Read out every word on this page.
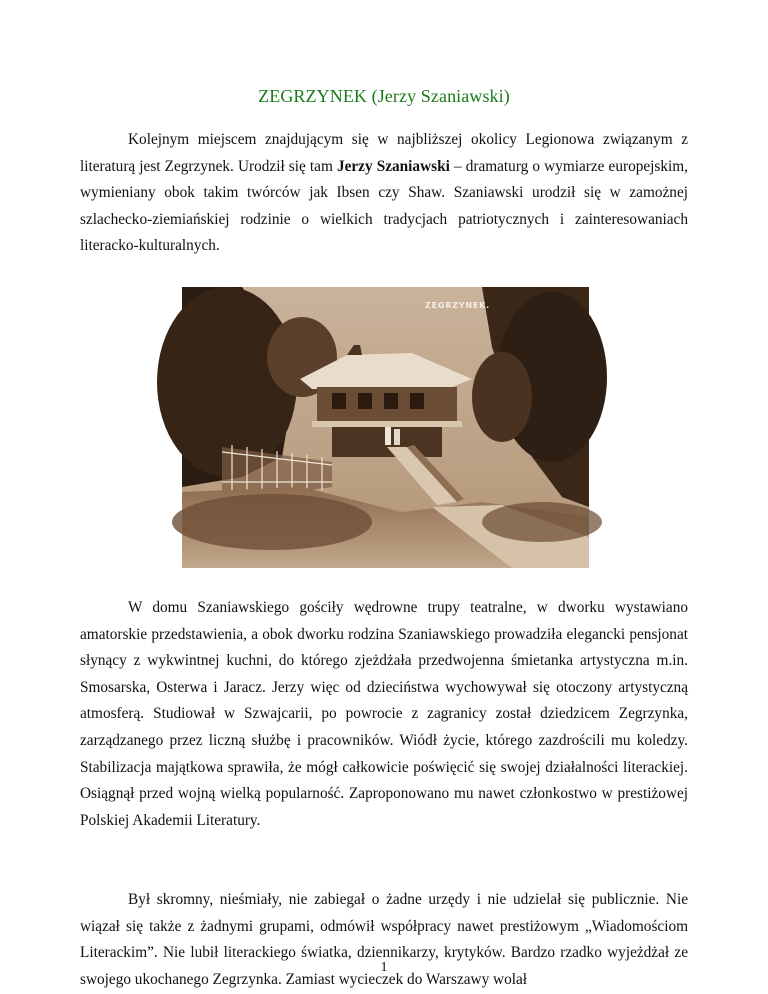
ZEGRZYNEK (Jerzy Szaniawski)

Kolejnym miejscem znajdującym się w najbliższej okolicy Legionowa związanym z literaturą jest Zegrzynek. Urodził się tam Jerzy Szaniawski – dramaturg o wymiarze europejskim, wymieniany obok takim twórców jak Ibsen czy Shaw. Szaniawski urodził się w zamożnej szlachecko-ziemiańskiej rodzinie o wielkich tradycjach patriotycznych i zainteresowaniach literacko-kulturalnych.

ZEGRZYNEK.

W domu Szaniawskiego gościły wędrowne trupy teatralne, w dworku wystawiano amatorskie przedstawienia, a obok dworku rodzina Szaniawskiego prowadziła elegancki pensjonat słynący z wykwintnej kuchni, do którego zjeżdżała przedwojenna śmietanka artystyczna m.in. Smosarska, Osterwa i Jaracz. Jerzy więc od dzieciństwa wychowywał się otoczony artystyczną atmosferą. Studiował w Szwajcarii, po powrocie z zagranicy został dziedzicem Zegrzynka, zarządzanego przez liczną służbę i pracowników. Wiódł życie, którego zazdrościli mu koledzy. Stabilizacja majątkowa sprawiła, że mógł całkowicie poświęcić się swojej działalności literackiej. Osiągnął przed wojną wielką popularność. Zaproponowano mu nawet członkostwo w prestiżowej Polskiej Akademii Literatury.

Był skromny, nieśmiały, nie zabiegał o żadne urzędy i nie udzielał się publicznie. Nie wiązał się także z żadnymi grupami, odmówił współpracy nawet prestiżowym „Wiadomościom Literackim”. Nie lubił literackiego światka, dziennikarzy, krytyków. Bardzo rzadko wyjeżdżał ze swojego ukochanego Zegrzynka. Zamiast wycieczek do Warszawy wolał

1
